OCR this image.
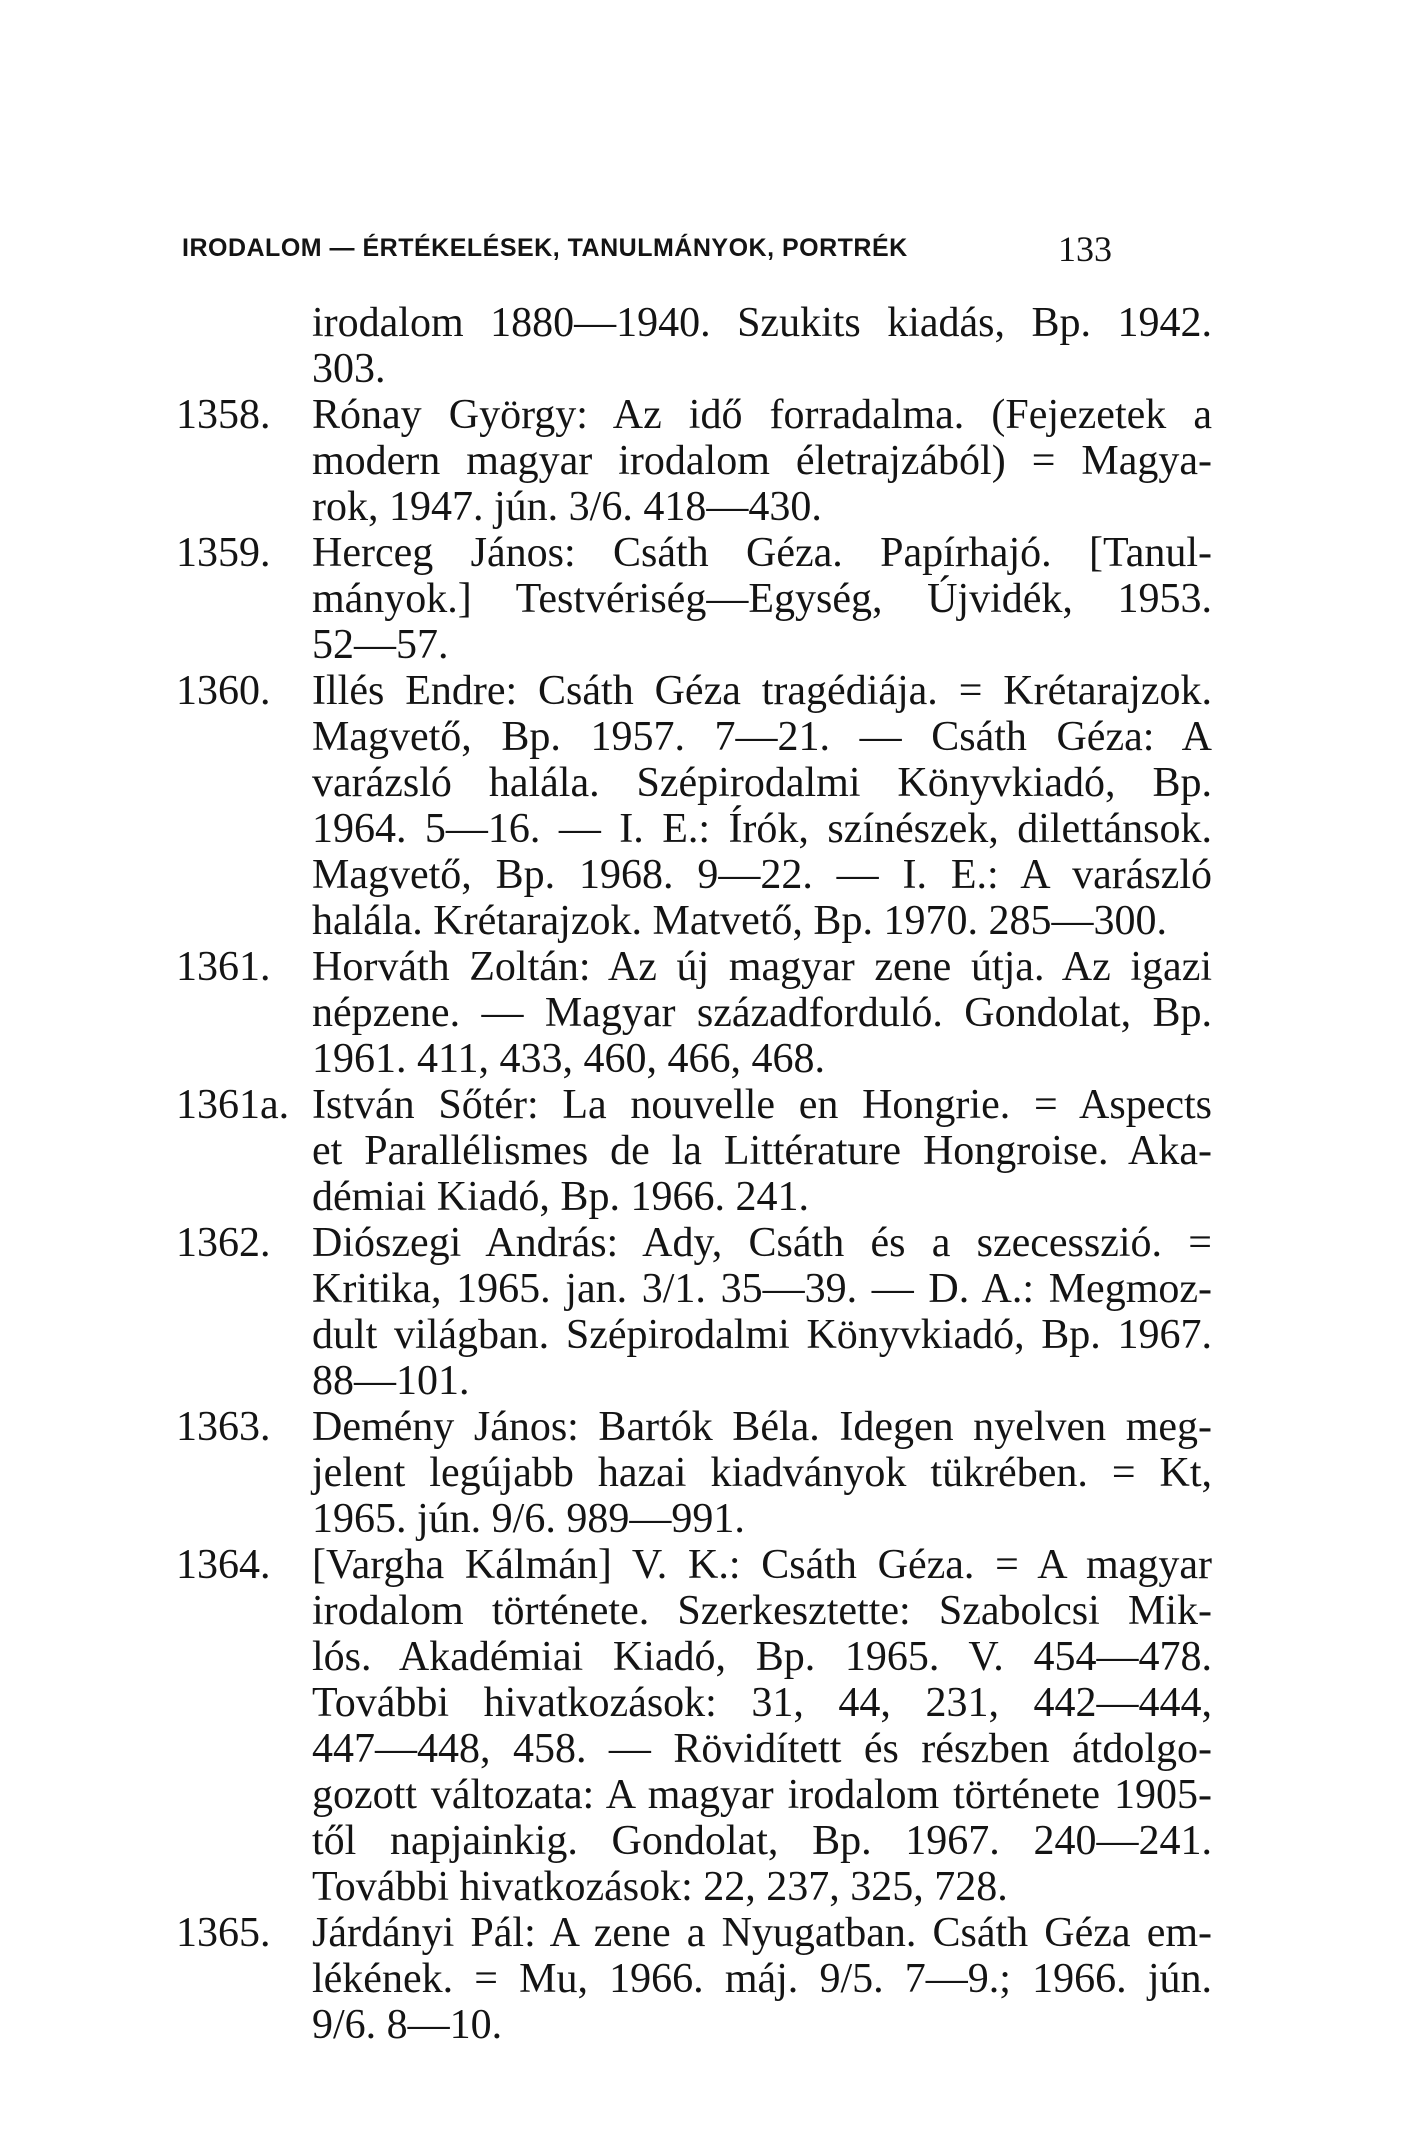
IRODALOM — ÉRTÉKELÉSEK, TANULMÁNYOK, PORTRÉK	133
irodalom 1880—1940. Szukits kiadás, Bp. 1942.
303.
1358. Rónay György: Az idő forradalma. (Fejezetek a
modern magyar irodalom életrajzából) = Magya-
rok, 1947. jún. 3/6. 418—430.
1359. Herceg János: Csáth Géza. Papírhajó. [Tanul-
mányok.] Testvériség—Egység, Újvidék, 1953.
52—57.
1360. Illés Endre: Csáth Géza tragédiája. = Krétarajzok.
Magvető, Bp. 1957. 7—21. — Csáth Géza: A
varázsló halála. Szépirodalmi Könyvkiadó, Bp.
1964. 5—16. — I. E.: Írók, színészek, dilettánsok.
Magvető, Bp. 1968. 9—22. — I. E.: A varászló
halála. Krétarajzok. Matvető, Bp. 1970. 285—300.
1361. Horváth Zoltán: Az új magyar zene útja. Az igazi
népzene. — Magyar századforduló. Gondolat, Bp.
1961. 411, 433, 460, 466, 468.
1361a. István Sőtér: La nouvelle en Hongrie. = Aspects
et Parallélismes de la Littérature Hongroise. Aka-
démiai Kiadó, Bp. 1966. 241.
1362. Diószegi András: Ady, Csáth és a szecesszió. =
Kritika, 1965. jan. 3/1. 35—39. — D. A.: Megmoz-
dult világban. Szépirodalmi Könyvkiadó, Bp. 1967.
88—101.
1363. Demény János: Bartók Béla. Idegen nyelven meg-
jelent legújabb hazai kiadványok tükrében. = Kt,
1965. jún. 9/6. 989—991.
1364. [Vargha Kálmán] V. K.: Csáth Géza. = A magyar
irodalom története. Szerkesztette: Szabolcsi Mik-
lós. Akadémiai Kiadó, Bp. 1965. V. 454—478.
További hivatkozások: 31, 44, 231, 442—444,
447—448, 458. — Rövidített és részben átdolgo-
gozott változata: A magyar irodalom története 1905-
től napjainkig. Gondolat, Bp. 1967. 240—241.
További hivatkozások: 22, 237, 325, 728.
1365. Járdányi Pál: A zene a Nyugatban. Csáth Géza em-
lékének. = Mu, 1966. máj. 9/5. 7—9.; 1966. jún.
9/6. 8—10.
